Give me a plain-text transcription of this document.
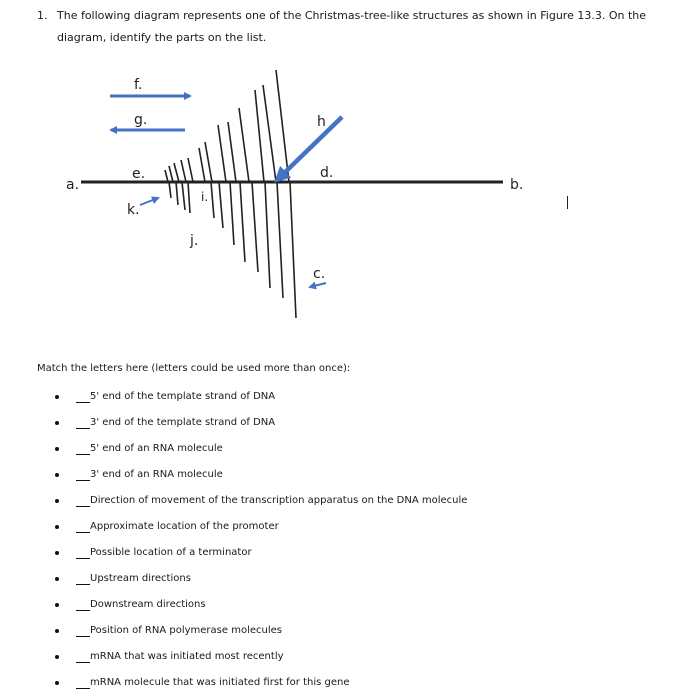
1. The following diagram represents one of the Christmas-tree-like structures as shown in Figure 13.3. On the
diagram, identify the parts on the list.
a.	b.
c.
d.
e.
f.
g.	h
i.
j.
k.

Match the letters here (letters could be used more than once):

5' end of the template strand of DNA
3' end of the template strand of DNA
5' end of an RNA molecule
3' end of an RNA molecule
Direction of movement of the transcription apparatus on the DNA molecule
Approximate location of the promoter
Possible location of a terminator
Upstream directions
Downstream directions
Position of RNA polymerase molecules
mRNA that was initiated most recently
mRNA molecule that was initiated first for this gene
